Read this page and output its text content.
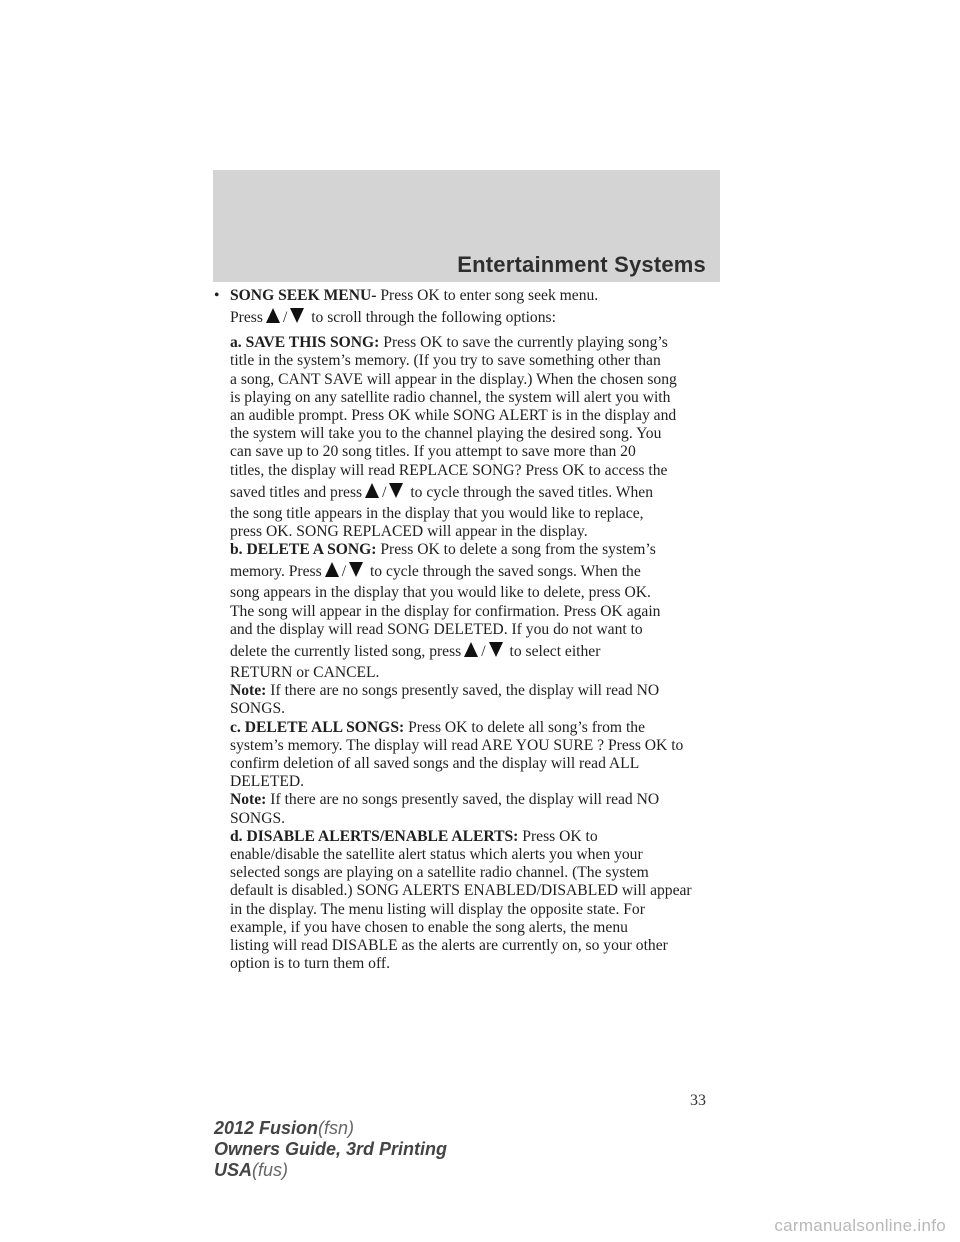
Entertainment Systems
• SONG SEEK MENU- Press OK to enter song seek menu.
Press / to scroll through the following options:
a. SAVE THIS SONG: Press OK to save the currently playing song’s
title in the system’s memory. (If you try to save something other than
a song, CANT SAVE will appear in the display.) When the chosen song
is playing on any satellite radio channel, the system will alert you with
an audible prompt. Press OK while SONG ALERT is in the display and
the system will take you to the channel playing the desired song. You
can save up to 20 song titles. If you attempt to save more than 20
titles, the display will read REPLACE SONG? Press OK to access the
saved titles and press / to cycle through the saved titles. When
the song title appears in the display that you would like to replace,
press OK. SONG REPLACED will appear in the display.
b. DELETE A SONG: Press OK to delete a song from the system’s
memory. Press / to cycle through the saved songs. When the
song appears in the display that you would like to delete, press OK.
The song will appear in the display for confirmation. Press OK again
and the display will read SONG DELETED. If you do not want to
delete the currently listed song, press / to select either
RETURN or CANCEL.
Note: If there are no songs presently saved, the display will read NO
SONGS.
c. DELETE ALL SONGS: Press OK to delete all song’s from the
system’s memory. The display will read ARE YOU SURE ? Press OK to
confirm deletion of all saved songs and the display will read ALL
DELETED.
Note: If there are no songs presently saved, the display will read NO
SONGS.
d. DISABLE ALERTS/ENABLE ALERTS: Press OK to
enable/disable the satellite alert status which alerts you when your
selected songs are playing on a satellite radio channel. (The system
default is disabled.) SONG ALERTS ENABLED/DISABLED will appear
in the display. The menu listing will display the opposite state. For
example, if you have chosen to enable the song alerts, the menu
listing will read DISABLE as the alerts are currently on, so your other
option is to turn them off.
33
2012 Fusion(fsn)
Owners Guide, 3rd Printing
USA(fus)
carmanualsonline.info
